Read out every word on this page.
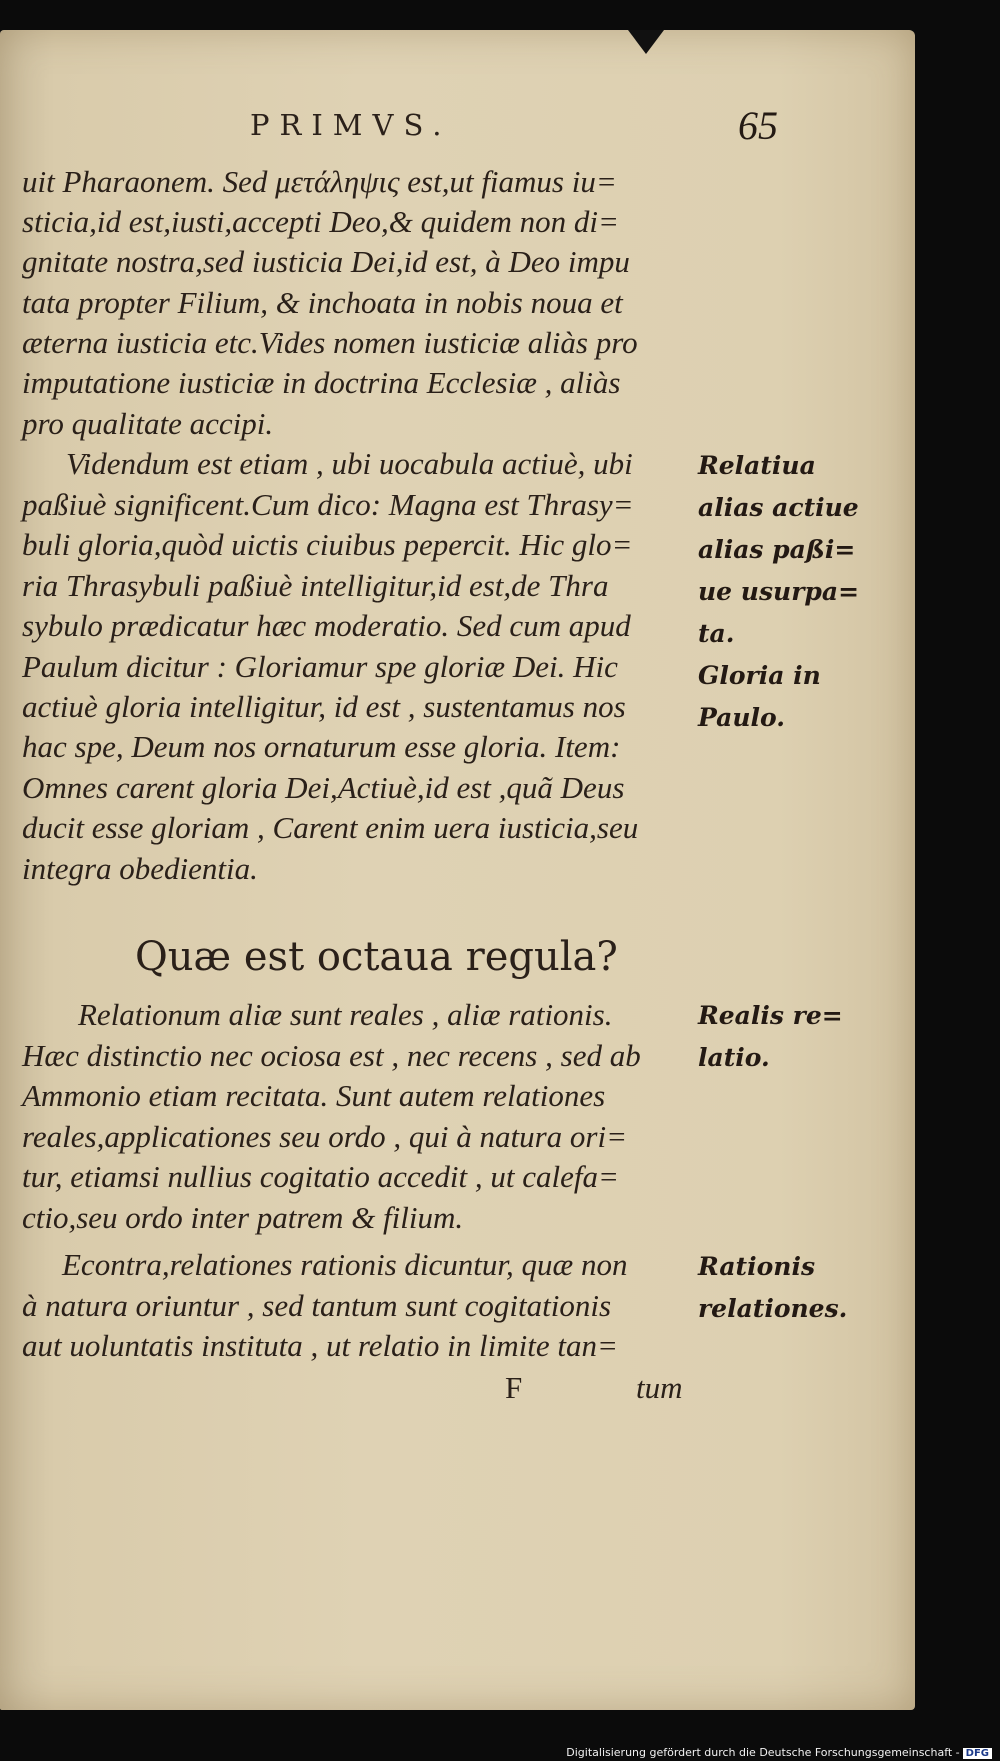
PRIMVS.	65
uit Pharaonem. Sed μετάληψις est,ut fiamus iu=
sticia,id est,iusti,accepti Deo,& quidem non di=
gnitate nostra,sed iusticia Dei,id est, à Deo impu
tata propter Filium, & inchoata in nobis noua et
æterna iusticia etc.Vides nomen iusticiæ aliàs pro
imputatione iusticiæ in doctrina Ecclesiæ , aliàs
pro qualitate accipi.
Videndum est etiam , ubi uocabula actiuè, ubi
paßiuè significent.Cum dico: Magna est Thrasy=
buli gloria,quòd uictis ciuibus pepercit. Hic glo=
ria Thrasybuli paßiuè intelligitur,id est,de Thra
sybulo prædicatur hæc moderatio. Sed cum apud
Paulum dicitur : Gloriamur spe gloriæ Dei. Hic
actiuè gloria intelligitur, id est , sustentamus nos
hac spe, Deum nos ornaturum esse gloria. Item:
Omnes carent gloria Dei,Actiuè,id est ,quã Deus
ducit esse gloriam , Carent enim uera iusticia,seu
integra obedientia.
Quæ est octaua regula?
Relationum aliæ sunt reales , aliæ rationis.
Hæc distinctio nec ociosa est , nec recens , sed ab
Ammonio etiam recitata. Sunt autem relationes
reales,applicationes seu ordo , qui à natura ori=
tur, etiamsi nullius cogitatio accedit , ut calefa=
ctio,seu ordo inter patrem & filium.
Econtra,relationes rationis dicuntur, quæ non
à natura oriuntur , sed tantum sunt cogitationis
aut uoluntatis instituta , ut relatio in limite tan=
Relatiua
alias actiue
alias paßi=
ue usurpa=
ta.
Gloria in
Paulo.
Realis re=
latio.
Rationis
relationes.
F	tum
Digitalisierung gefördert durch die Deutsche Forschungsgemeinschaft - DFG
